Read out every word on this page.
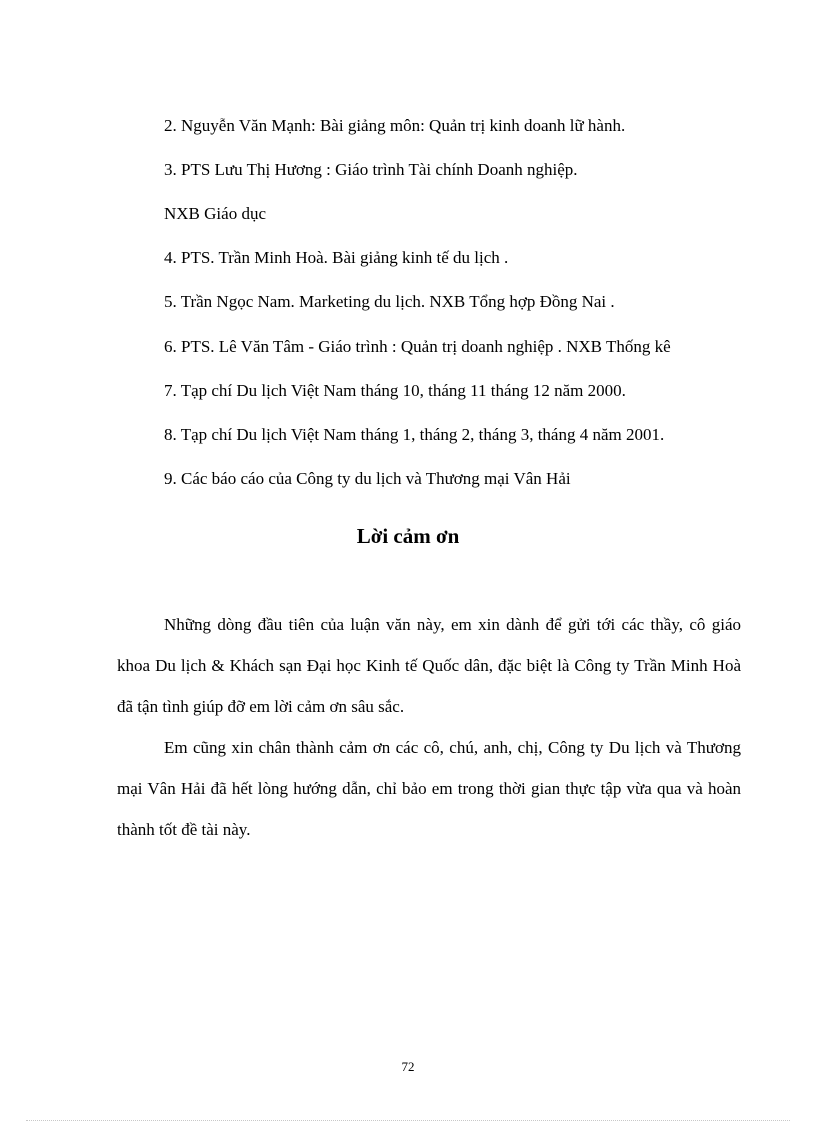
2. Nguyễn Văn Mạnh: Bài giảng môn: Quản trị kinh doanh lữ hành.

3. PTS Lưu Thị Hương : Giáo trình Tài chính Doanh nghiệp.

NXB Giáo dục

4. PTS. Trần Minh Hoà. Bài giảng kinh tế du lịch .

5. Trần Ngọc Nam. Marketing du lịch. NXB Tổng hợp Đồng Nai .

6. PTS. Lê Văn Tâm - Giáo trình : Quản trị doanh nghiệp . NXB Thống kê

7. Tạp chí Du lịch Việt Nam tháng 10, tháng 11 tháng 12 năm 2000.

8. Tạp chí Du lịch Việt Nam tháng 1, tháng 2, tháng 3, tháng 4 năm 2001.

9. Các báo cáo của Công ty du lịch và Thương mại Vân Hải

Lời cảm ơn

Những dòng đầu tiên của luận văn này, em xin dành để gửi tới các thầy, cô giáo khoa Du lịch & Khách sạn Đại học Kinh tế Quốc dân, đặc biệt là Công ty Trần Minh Hoà đã tận tình giúp đỡ em lời cảm ơn sâu sắc.

Em cũng xin chân thành cảm ơn các cô, chú, anh, chị, Công ty Du lịch và Thương mại Vân Hải đã hết lòng hướng dẫn, chỉ bảo em trong thời gian thực tập vừa qua và hoàn thành tốt đề tài này.

72
